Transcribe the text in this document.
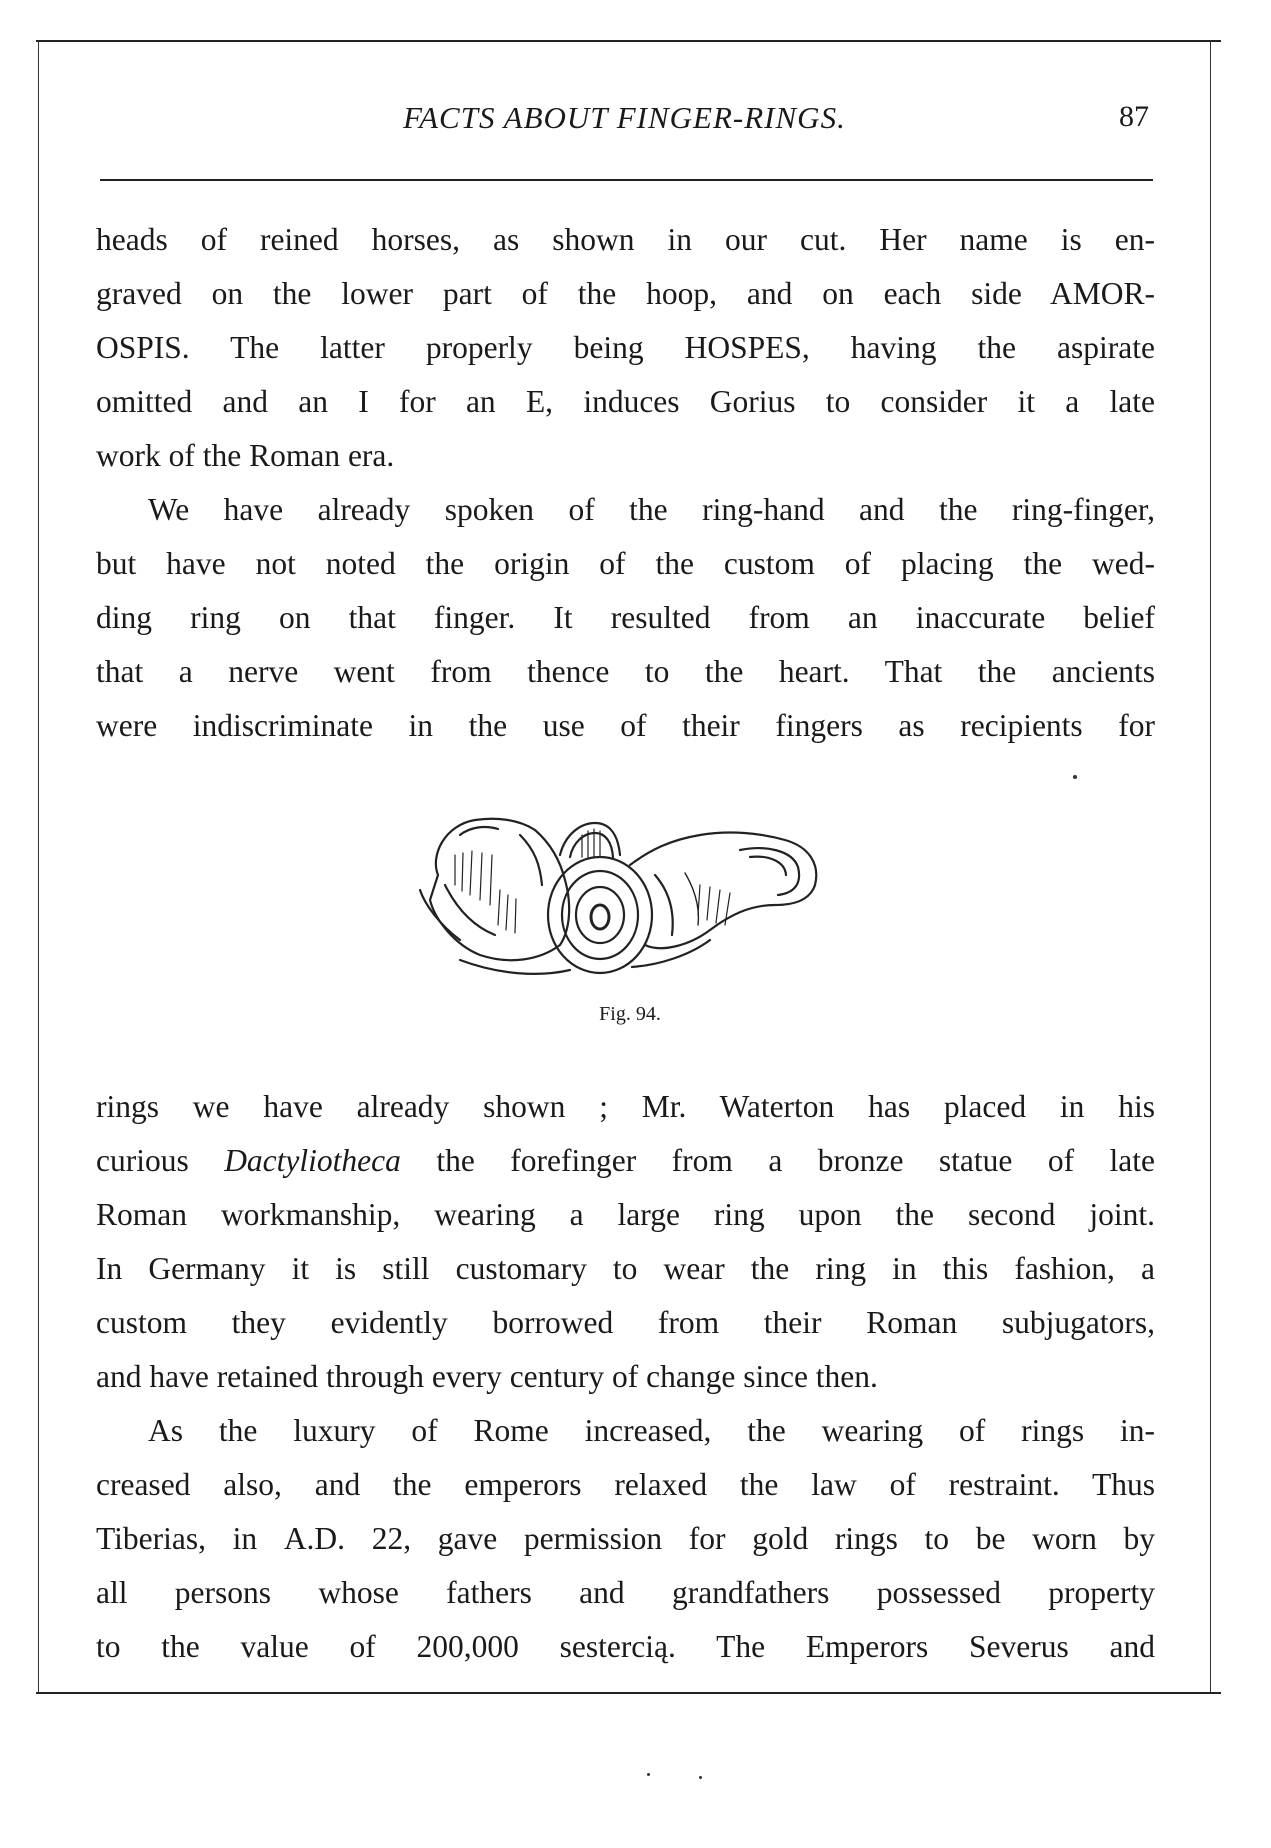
FACTS ABOUT FINGER-RINGS.	87

heads of reined horses, as shown in our cut. Her name is en-
graved on the lower part of the hoop, and on each side AMOR-
OSPIS. The latter properly being HOSPES, having the aspirate
omitted and an I for an E, induces Gorius to consider it a late
work of the Roman era.

We have already spoken of the ring-hand and the ring-finger,
but have not noted the origin of the custom of placing the wed-
ding ring on that finger. It resulted from an inaccurate belief
that a nerve went from thence to the heart. That the ancients
were indiscriminate in the use of their fingers as recipients for

Fig. 94.

rings we have already shown ; Mr. Waterton has placed in his
curious Dactyliotheca the forefinger from a bronze statue of late
Roman workmanship, wearing a large ring upon the second joint.
In Germany it is still customary to wear the ring in this fashion, a
custom they evidently borrowed from their Roman subjugators,
and have retained through every century of change since then.

As the luxury of Rome increased, the wearing of rings in-
creased also, and the emperors relaxed the law of restraint. Thus
Tiberias, in A.D. 22, gave permission for gold rings to be worn by
all persons whose fathers and grandfathers possessed property
to the value of 200,000 sestercią. The Emperors Severus and
